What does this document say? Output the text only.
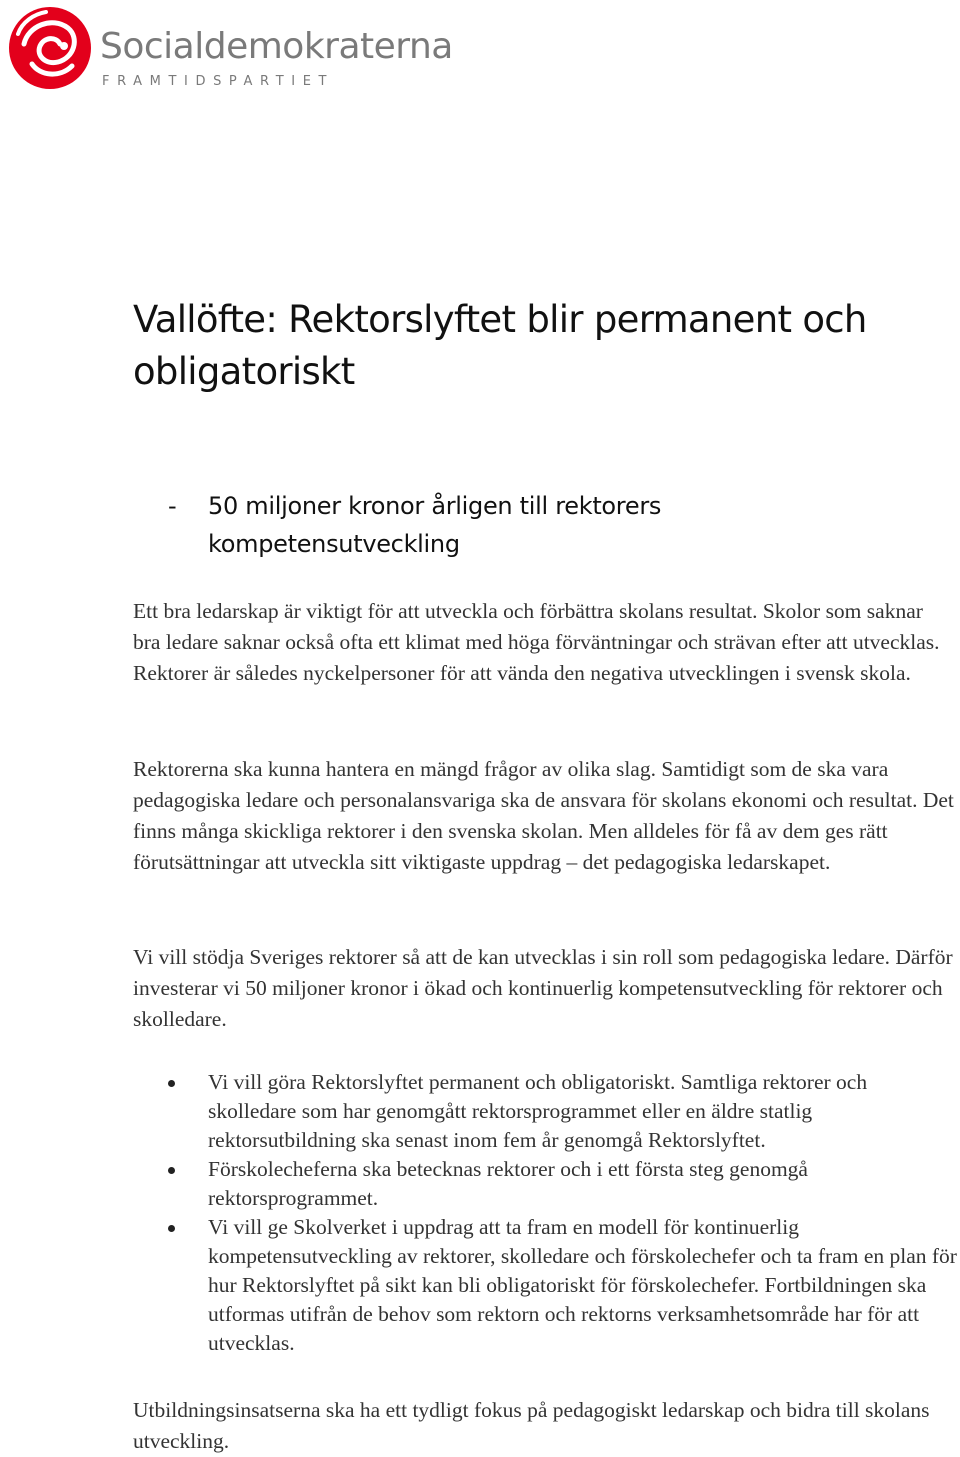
Socialdemokraterna
FRAMTIDSPARTIET
Vallöfte: Rektorslyftet blir permanent och obligatoriskt
- 50 miljoner kronor årligen till rektorers kompetensutveckling

Ett bra ledarskap är viktigt för att utveckla och förbättra skolans resultat. Skolor som saknar bra ledare saknar också ofta ett klimat med höga förväntningar och strävan efter att utvecklas. Rektorer är således nyckelpersoner för att vända den negativa utvecklingen i svensk skola.

Rektorerna ska kunna hantera en mängd frågor av olika slag. Samtidigt som de ska vara pedagogiska ledare och personalansvariga ska de ansvara för skolans ekonomi och resultat. Det finns många skickliga rektorer i den svenska skolan. Men alldeles för få av dem ges rätt förutsättningar att utveckla sitt viktigaste uppdrag – det pedagogiska ledarskapet.

Vi vill stödja Sveriges rektorer så att de kan utvecklas i sin roll som pedagogiska ledare. Därför investerar vi 50 miljoner kronor i ökad och kontinuerlig kompetensutveckling för rektorer och skolledare.

Vi vill göra Rektorslyftet permanent och obligatoriskt. Samtliga rektorer och skolledare som har genomgått rektorsprogrammet eller en äldre statlig rektorsutbildning ska senast inom fem år genomgå Rektorslyftet.
Förskolecheferna ska betecknas rektorer och i ett första steg genomgå rektorsprogrammet.
Vi vill ge Skolverket i uppdrag att ta fram en modell för kontinuerlig kompetensutveckling av rektorer, skolledare och förskolechefer och ta fram en plan för hur Rektorslyftet på sikt kan bli obligatoriskt för förskolechefer. Fortbildningen ska utformas utifrån de behov som rektorn och rektorns verksamhetsområde har för att utvecklas.

Utbildningsinsatserna ska ha ett tydligt fokus på pedagogiskt ledarskap och bidra till skolans utveckling.
